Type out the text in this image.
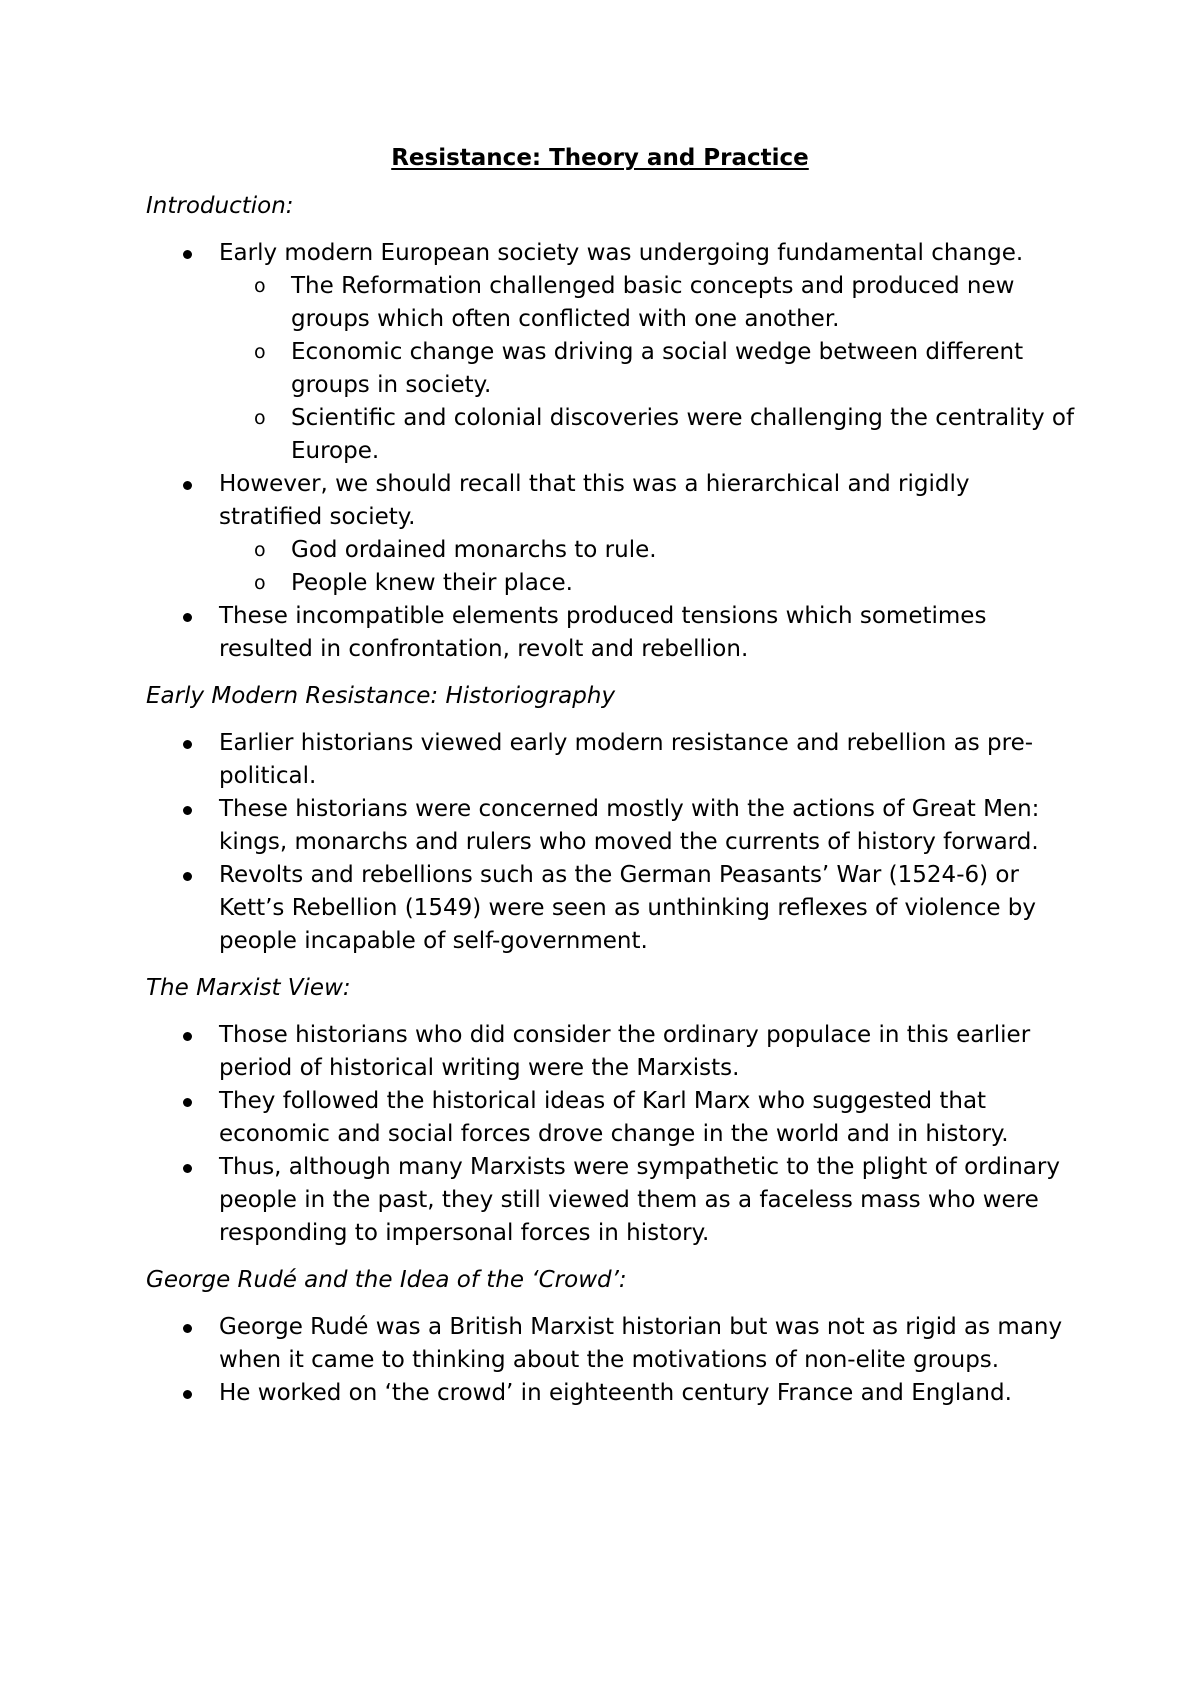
Resistance: Theory and Practice
Introduction:
Early modern European society was undergoing fundamental change.
o The Reformation challenged basic concepts and produced new groups which often conflicted with one another.
o Economic change was driving a social wedge between different groups in society.
o Scientific and colonial discoveries were challenging the centrality of Europe.
However, we should recall that this was a hierarchical and rigidly stratified society.
o God ordained monarchs to rule.
o People knew their place.
These incompatible elements produced tensions which sometimes resulted in confrontation, revolt and rebellion.
Early Modern Resistance: Historiography
Earlier historians viewed early modern resistance and rebellion as pre-political.
These historians were concerned mostly with the actions of Great Men: kings, monarchs and rulers who moved the currents of history forward.
Revolts and rebellions such as the German Peasants’ War (1524-6) or Kett’s Rebellion (1549) were seen as unthinking reflexes of violence by people incapable of self-government.
The Marxist View:
Those historians who did consider the ordinary populace in this earlier period of historical writing were the Marxists.
They followed the historical ideas of Karl Marx who suggested that economic and social forces drove change in the world and in history.
Thus, although many Marxists were sympathetic to the plight of ordinary people in the past, they still viewed them as a faceless mass who were responding to impersonal forces in history.
George Rudé and the Idea of the ‘Crowd’:
George Rudé was a British Marxist historian but was not as rigid as many when it came to thinking about the motivations of non-elite groups.
He worked on ‘the crowd’ in eighteenth century France and England.
